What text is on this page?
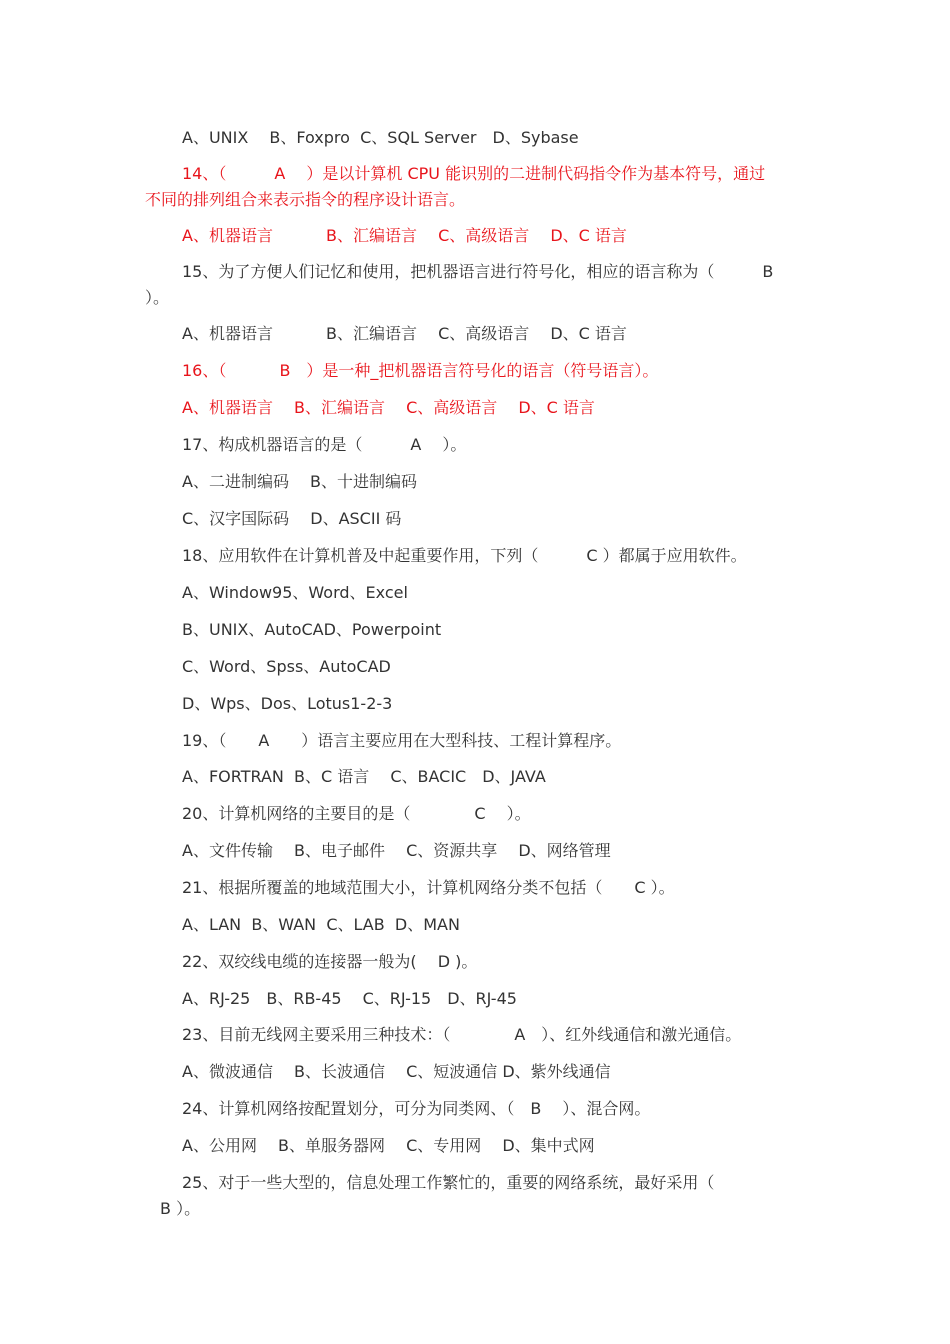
A、UNIX　 B、Foxpro  C、SQL Server　D、Sybase
14、（　　　A　 ）是以计算机 CPU 能识别的二进制代码指令作为基本符号，通过
不同的排列组合来表示指令的程序设计语言。
A、机器语言　　　 B、汇编语言　 C、高级语言　 D、C 语言
15、为了方便人们记忆和使用，把机器语言进行符号化，相应的语言称为（　　　B
）。
A、机器语言　　　 B、汇编语言　 C、高级语言　 D、C 语言
16、（　　　 B　）是一种_把机器语言符号化的语言（符号语言）。
A、机器语言　 B、汇编语言　 C、高级语言　 D、C 语言
17、构成机器语言的是（　　　A　 ）。
A、二进制编码　 B、十进制编码
C、汉字国际码　 D、ASCII 码
18、应用软件在计算机普及中起重要作用，下列（　　　C ）都属于应用软件。
A、Window95、Word、Excel
B、UNIX、AutoCAD、Powerpoint
C、Word、Spss、AutoCAD
D、Wps、Dos、Lotus1-2-3
19、（　　A　　）语言主要应用在大型科技、工程计算程序。
A、FORTRAN  B、C 语言　 C、BACIC　D、JAVA
20、计算机网络的主要目的是（　　　　C　 ）。
A、文件传输　 B、电子邮件　 C、资源共享　 D、网络管理
21、根据所覆盖的地域范围大小，计算机网络分类不包括（　　C ）。
A、LAN  B、WAN  C、LAB  D、MAN
22、双绞线电缆的连接器一般为(　 D )。
A、RJ-25　B、RB-45　 C、RJ-15　D、RJ-45
23、目前无线网主要采用三种技术：（　　　　A　）、红外线通信和激光通信。
A、微波通信　 B、长波通信　 C、短波通信 D、紫外线通信
24、计算机网络按配置划分，可分为同类网、（　B　 ）、混合网。
A、公用网　 B、单服务器网　 C、专用网　 D、集中式网
25、对于一些大型的，信息处理工作繁忙的，重要的网络系统，最好采用（
B ）。
